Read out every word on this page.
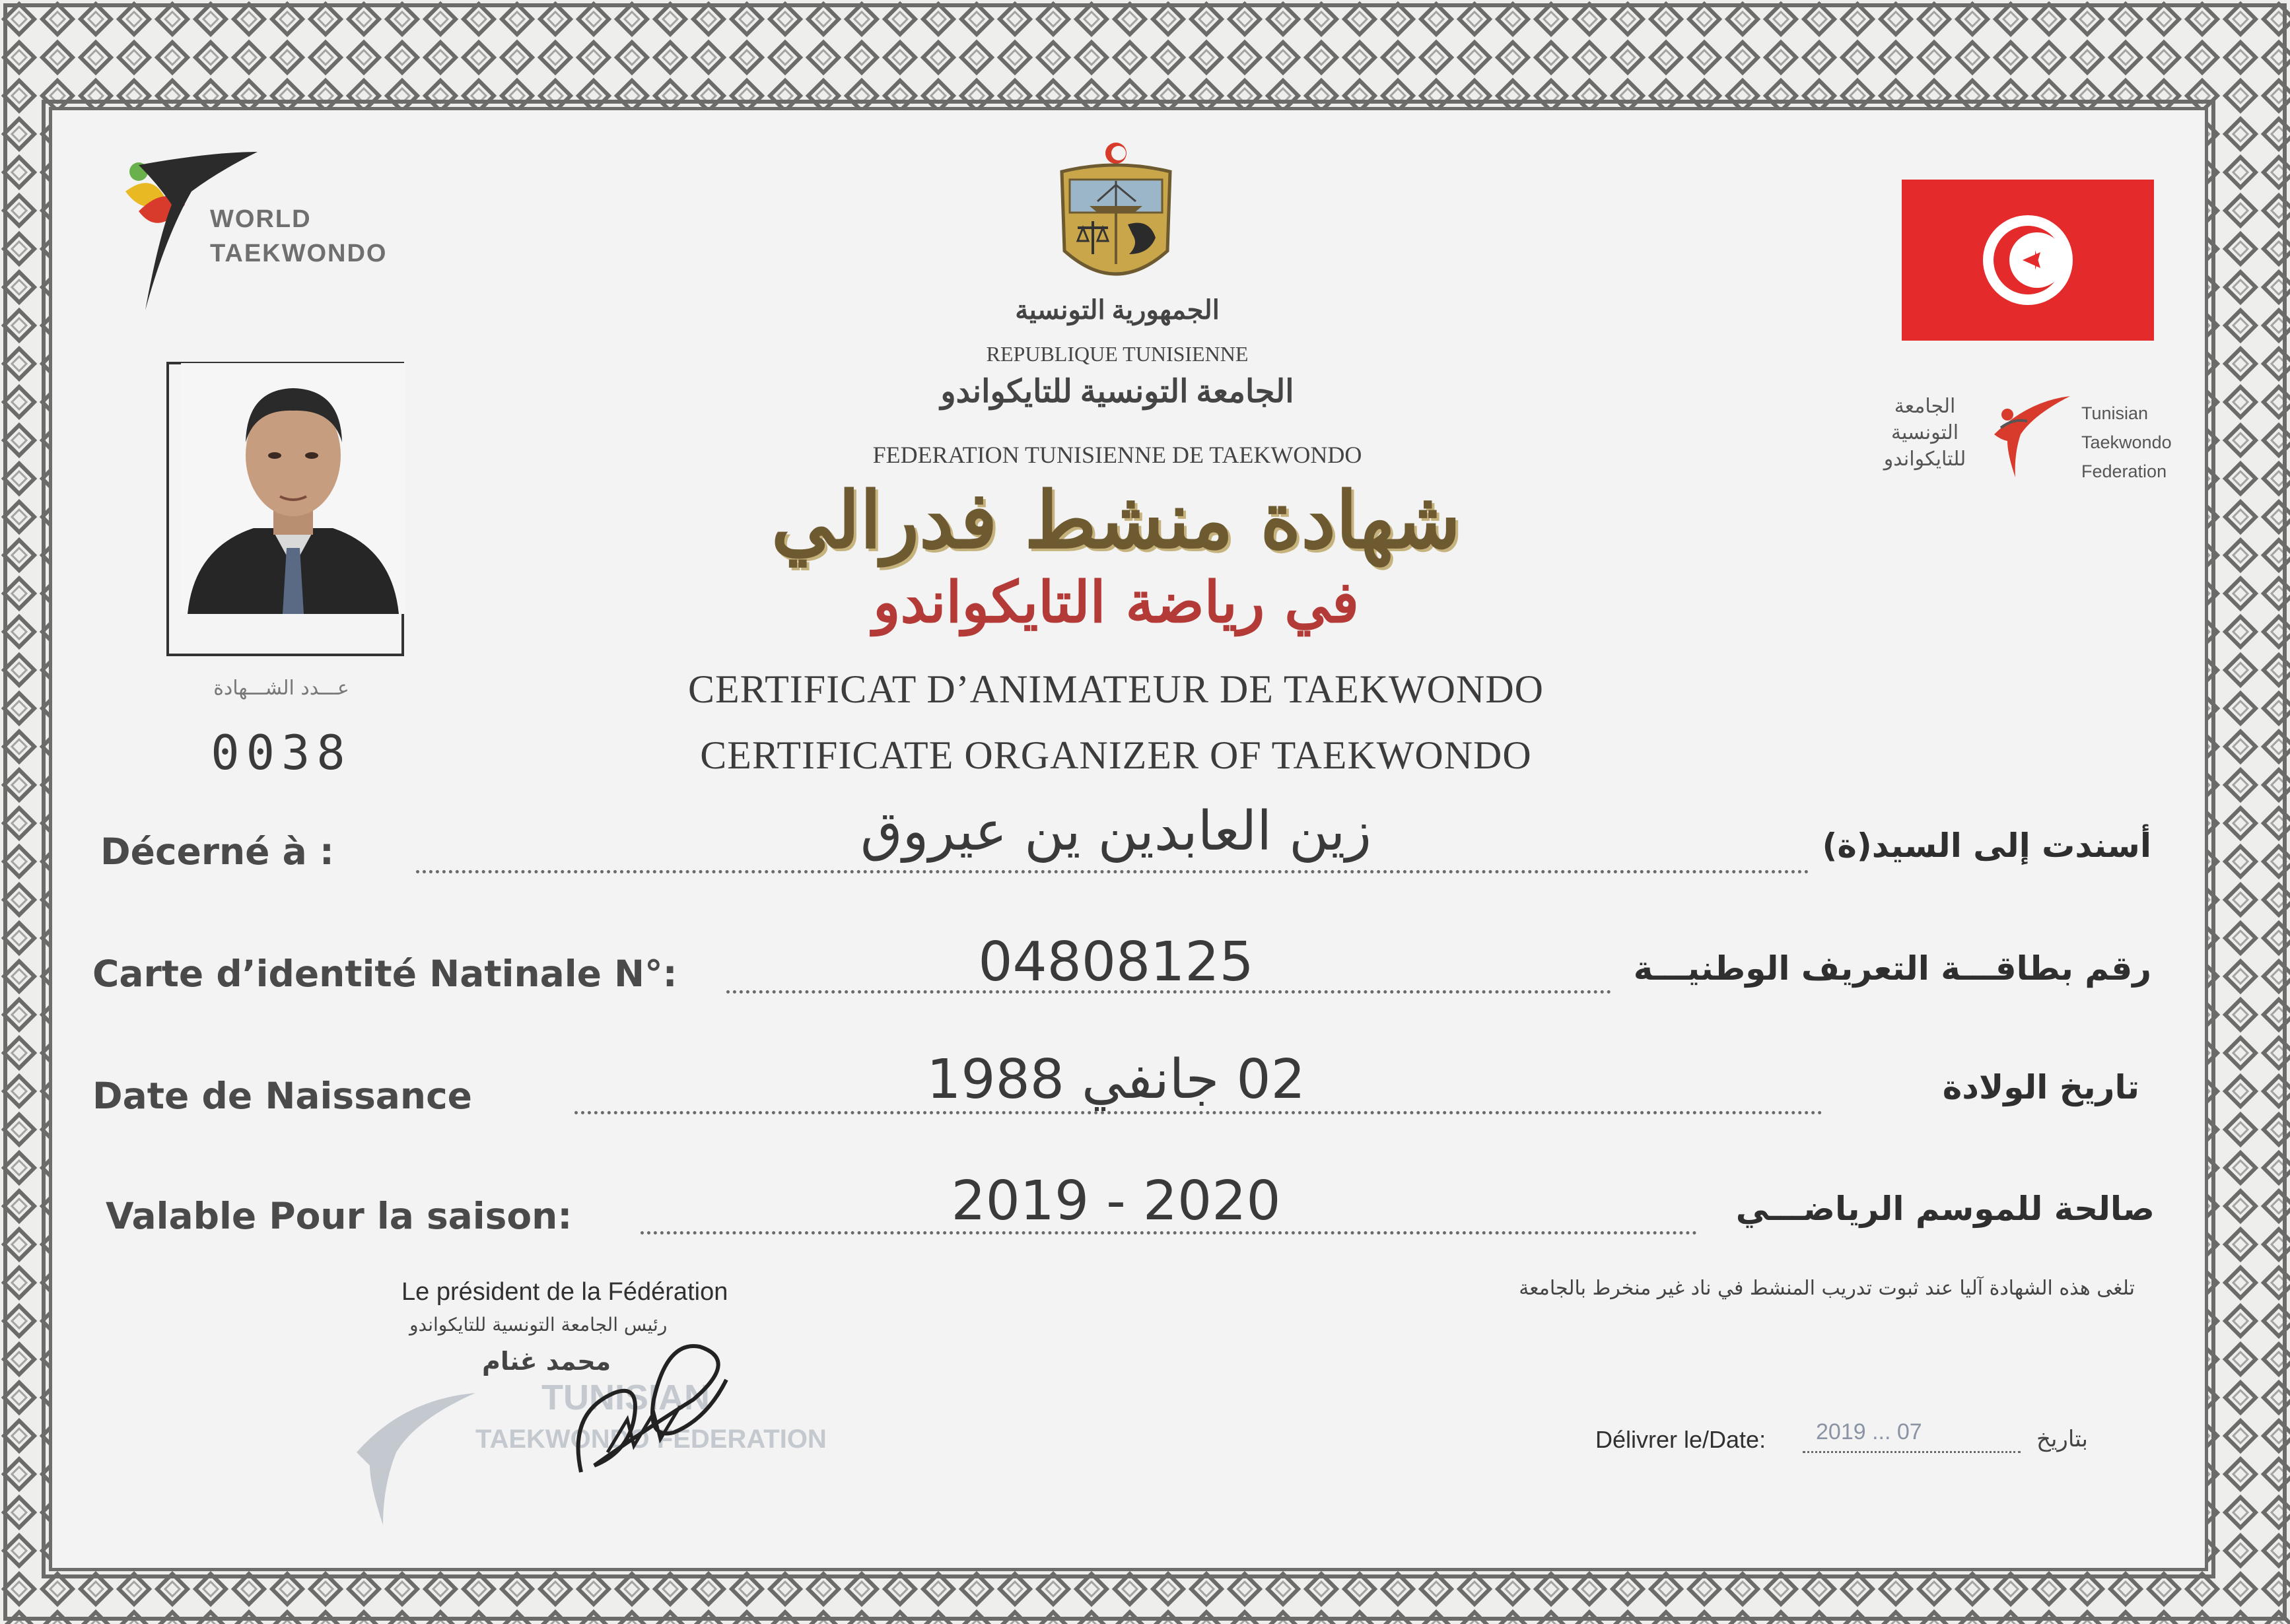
WORLD
TAEKWONDO
الجمهورية التونسية
REPUBLIQUE TUNISIENNE
الجامعة التونسية للتايكواندو
FEDERATION TUNISIENNE DE TAEKWONDO
الجامعة
التونسية
للتايكواندو
Tunisian
Taekwondo
Federation
عـــدد الشـــهادة
0038
شهادة منشط فدرالي
في رياضة التايكواندو
CERTIFICAT D’ANIMATEUR DE TAEKWONDO
CERTIFICATE ORGANIZER OF TAEKWONDO
Décerné à :	زين العابدين ين عيروق	أسندت إلى السيد(ة)
Carte d’identité Natinale N°:	04808125	رقم بطاقـــة التعريف الوطنيـــة
Date de Naissance	02 جانفي 1988	تاريخ الولادة
Valable Pour la saison:	2019 - 2020	صالحة للموسم الرياضـــي
Le président de la Fédération
رئيس الجامعة التونسية للتايكواندو
محمد غنام
TUNISIAN
TAEKWONDO FEDERATION
تلغى هذه الشهادة آليا عند ثبوت تدريب المنشط في ناد غير منخرط بالجامعة
Délivrer le/Date: 2019 ... 07	بتاريخ
